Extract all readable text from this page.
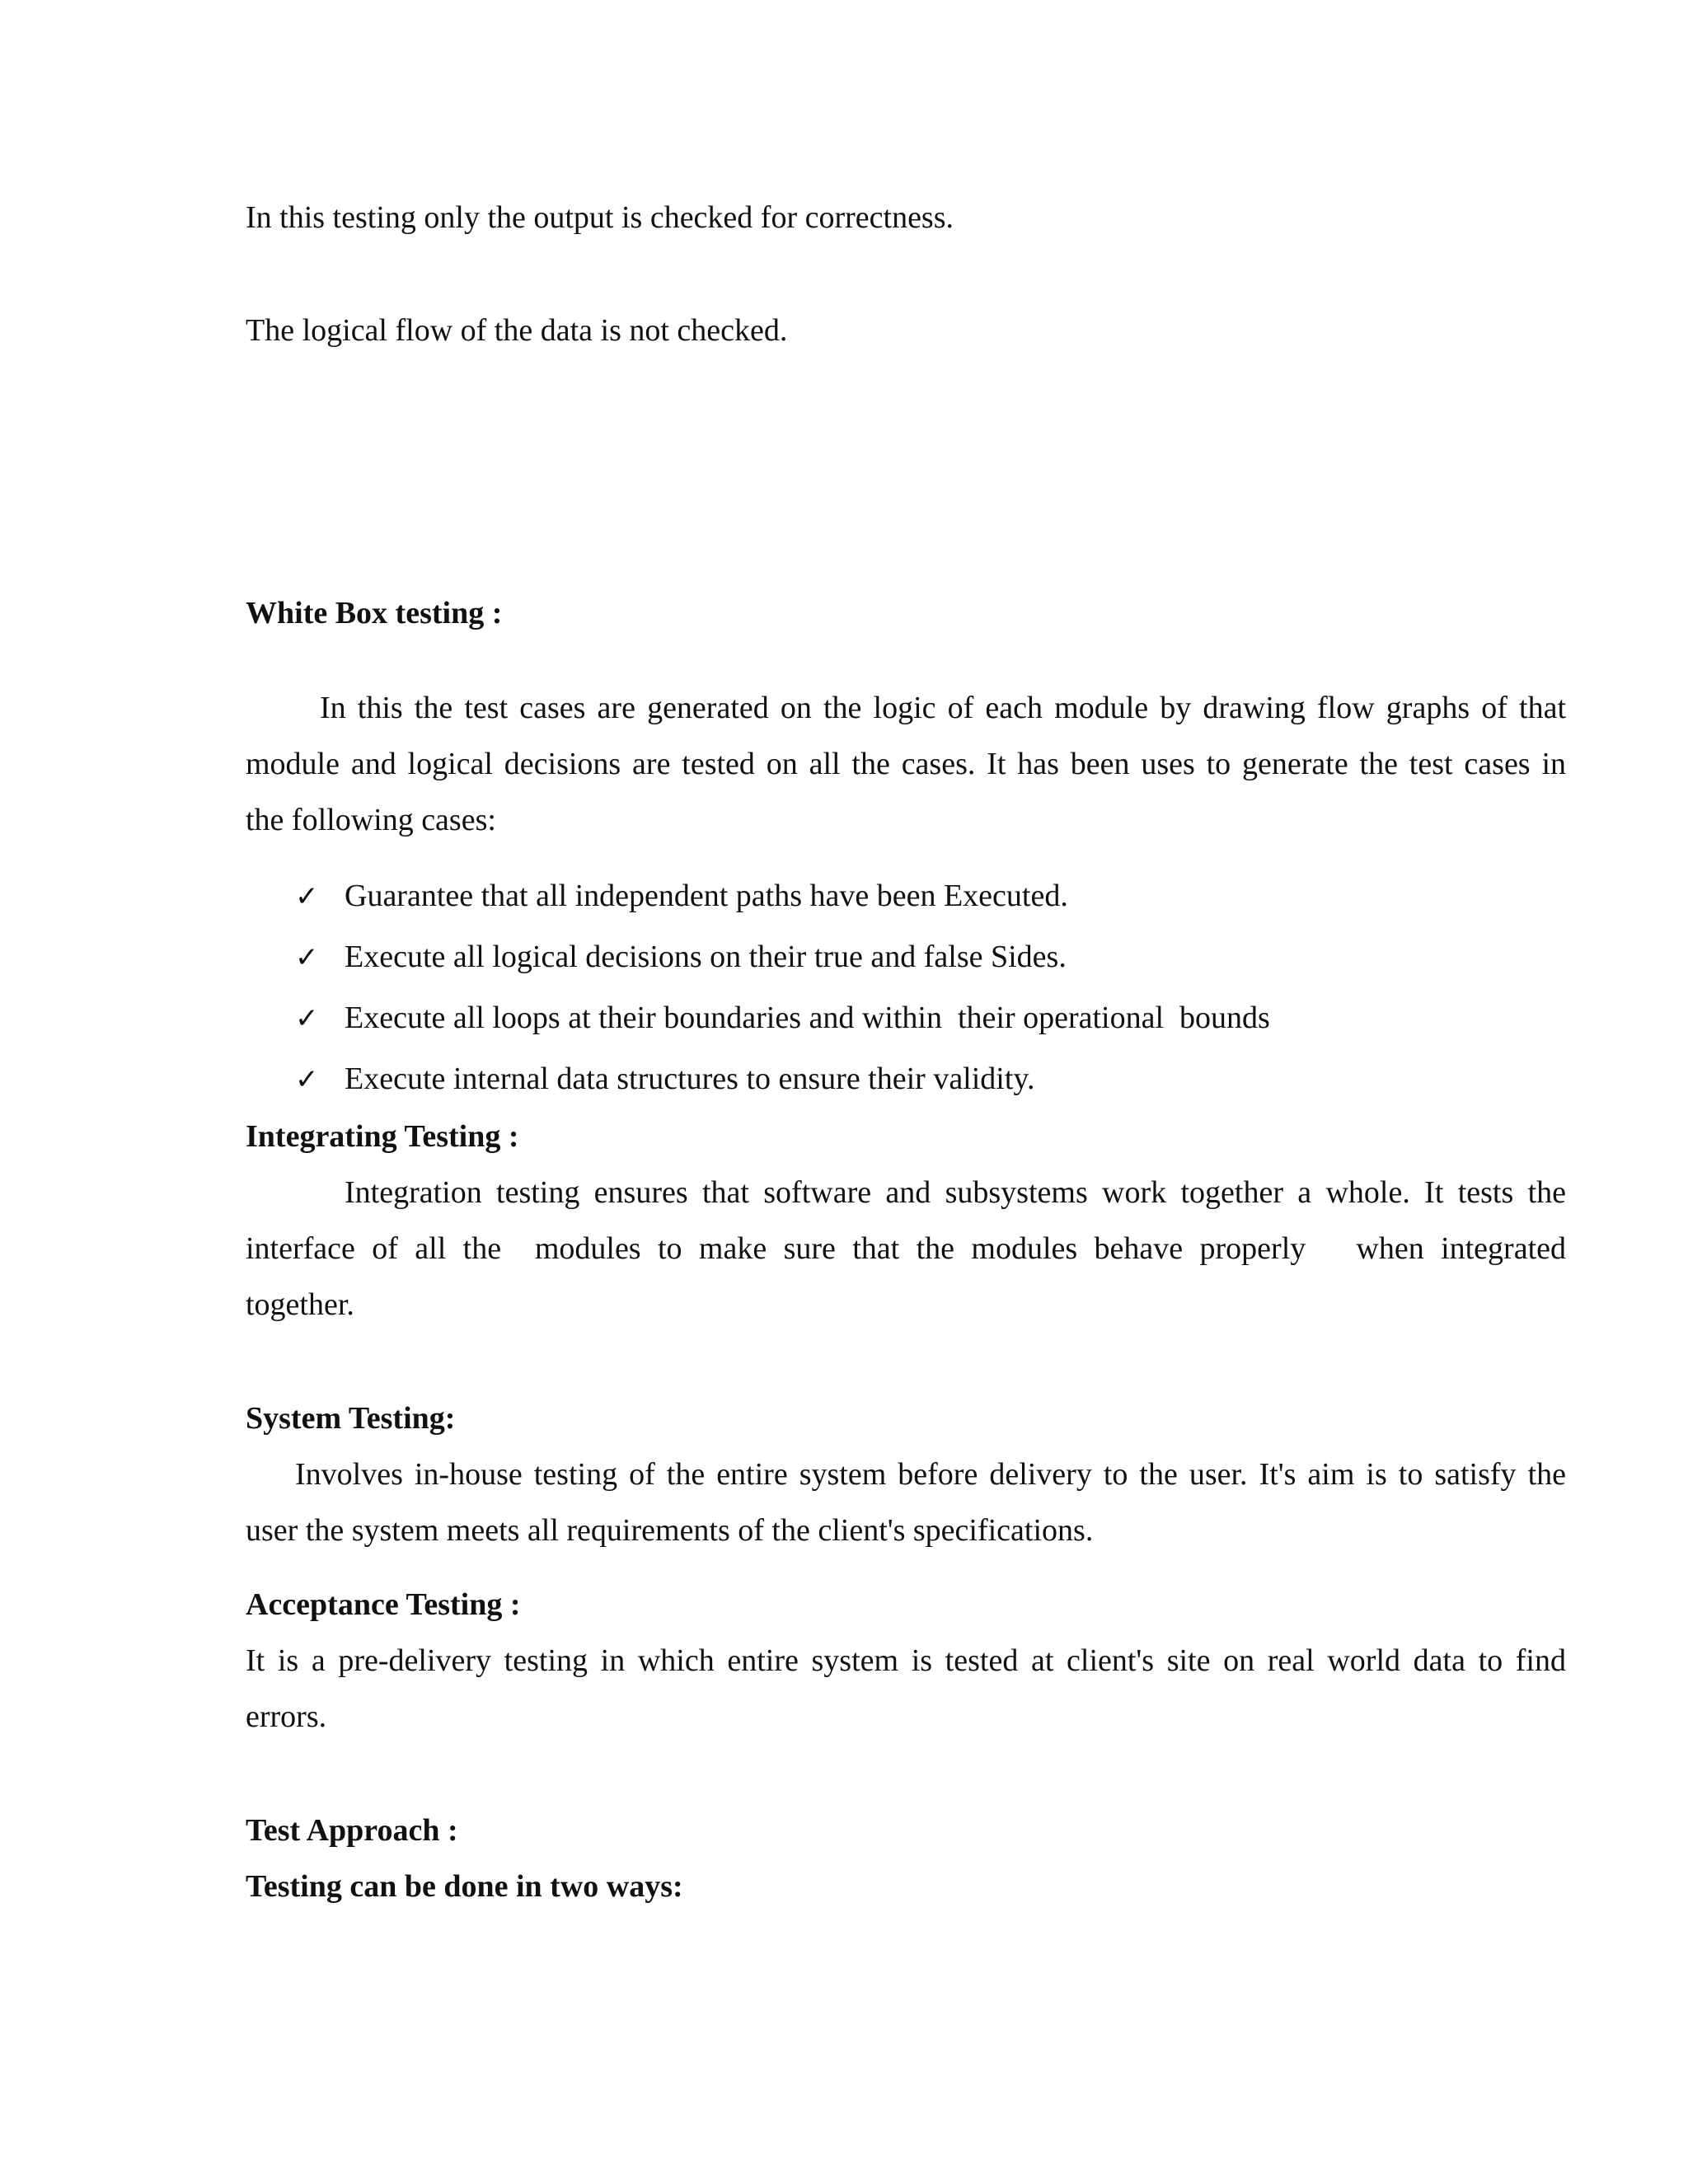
In this testing only the output is checked for correctness.
The logical flow of the data is not checked.
White Box testing :
In this the test cases are generated on the logic of each module by drawing flow graphs of that
module and logical decisions are tested on all the cases. It has been uses to generate the test cases in
the following cases:
✓ Guarantee that all independent paths have been Executed.
✓ Execute all logical decisions on their true and false Sides.
✓ Execute all loops at their boundaries and within  their operational  bounds
✓ Execute internal data structures to ensure their validity.
Integrating Testing :
Integration testing ensures that software and subsystems work together a whole. It tests the
interface of all the  modules to make sure that the modules behave properly   when integrated
together.
System Testing:
Involves in-house testing of the entire system before delivery to the user. It's aim is to satisfy the
user the system meets all requirements of the client's specifications.
Acceptance Testing :
It is a pre-delivery testing in which entire system is tested at client's site on real world data to find
errors.
Test Approach :
Testing can be done in two ways:
